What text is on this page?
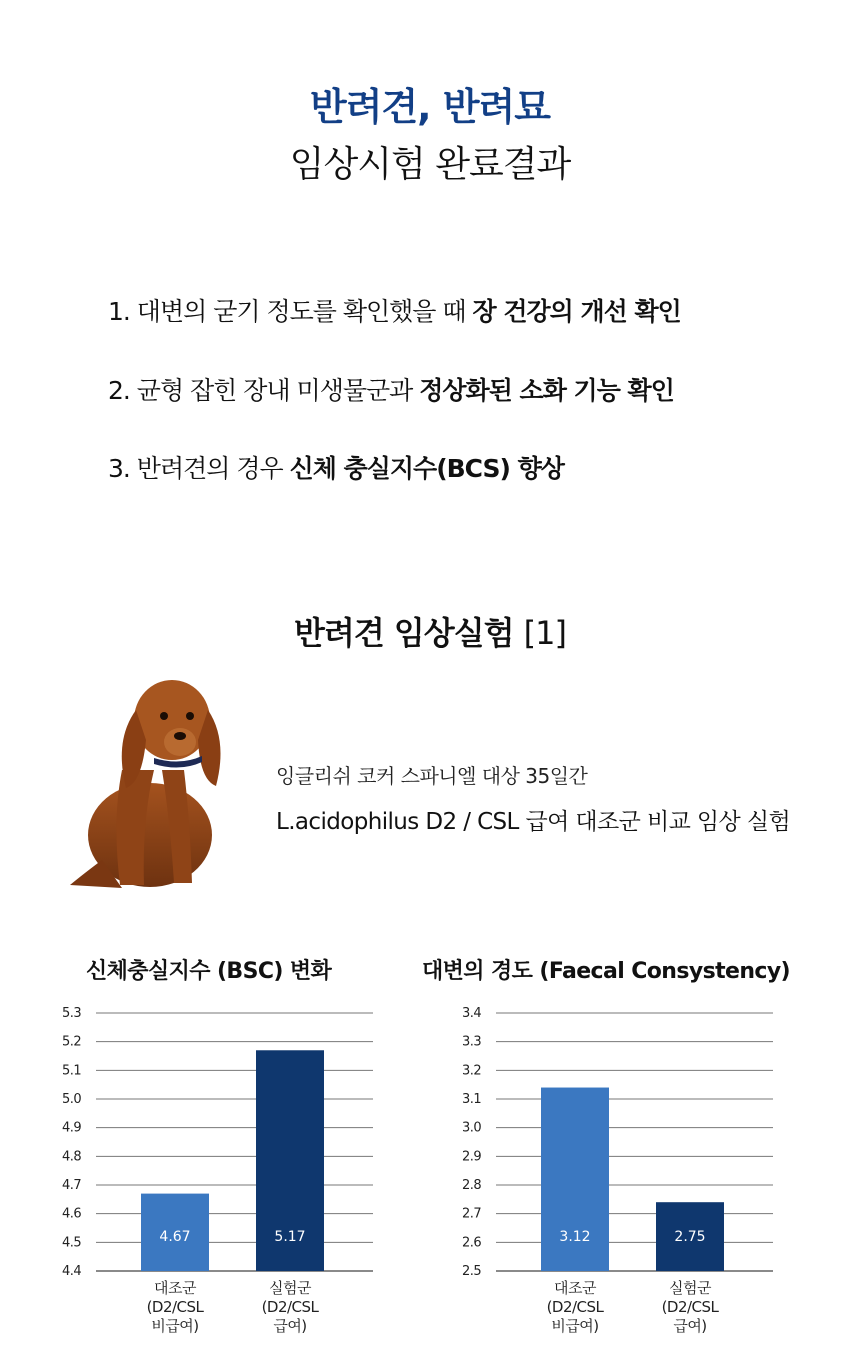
반려견, 반려묘
임상시험 완료결과
1. 대변의 굳기 정도를 확인했을 때 장 건강의 개선 확인
2. 균형 잡힌 장내 미생물군과 정상화된 소화 기능 확인
3. 반려견의 경우 신체 충실지수(BCS) 향상
반려견 임상실험 [1]
잉글리쉬 코커 스파니엘 대상 35일간
L.acidophilus D2 / CSL 급여 대조군 비교 임상 실험
신체충실지수 (BSC) 변화	대변의 경도 (Faecal Consystency)
4.4
4.5
4.6
4.7
4.8
4.9
5.0
5.1
5.2
5.3
4.67
대조군 (D2/CSL 비급여)
5.17
실험군 (D2/CSL 급여)
2.5
2.6
2.7
2.8
2.9
3.0
3.1
3.2
3.3
3.4
3.12
대조군 (D2/CSL 비급여)
2.75
실험군 (D2/CSL 급여)
